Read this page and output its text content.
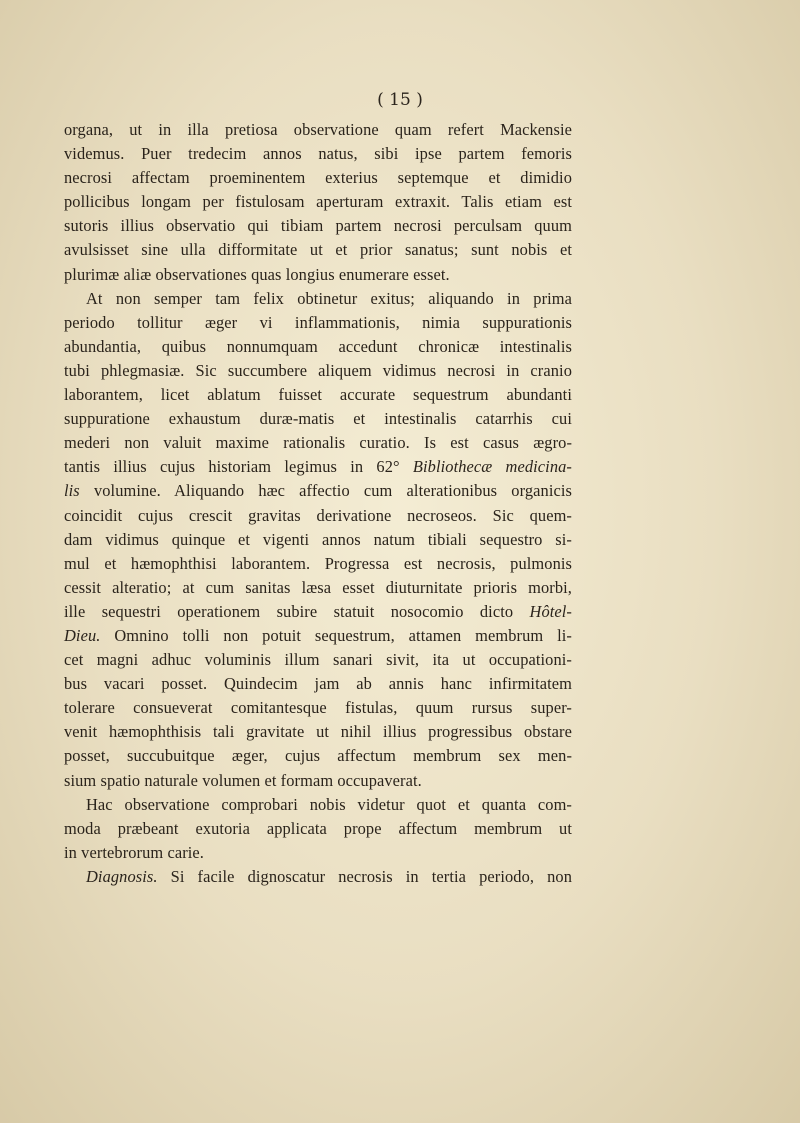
( 15 )
organa, ut in illa pretiosa observatione quam refert Mackensie
videmus. Puer tredecim annos natus, sibi ipse partem femoris
necrosi affectam proeminentem exterius septemque et dimidio
pollicibus longam per fistulosam aperturam extraxit. Talis etiam est
sutoris illius observatio qui tibiam partem necrosi perculsam quum
avulsisset sine ulla difformitate ut et prior sanatus; sunt nobis et
plurimæ aliæ observationes quas longius enumerare esset.
At non semper tam felix obtinetur exitus; aliquando in prima
periodo tollitur æger vi inflammationis, nimia suppurationis
abundantia, quibus nonnumquam accedunt chronicæ intestinalis
tubi phlegmasiæ. Sic succumbere aliquem vidimus necrosi in cranio
laborantem, licet ablatum fuisset accurate sequestrum abundanti
suppuratione exhaustum duræ-matis et intestinalis catarrhis cui
mederi non valuit maxime rationalis curatio. Is est casus ægro-
tantis illius cujus historiam legimus in 62° Bibliothecæ medicina-
lis volumine. Aliquando hæc affectio cum alterationibus organicis
coincidit cujus crescit gravitas derivatione necroseos. Sic quem-
dam vidimus quinque et vigenti annos natum tibiali sequestro si-
mul et hæmophthisi laborantem. Progressa est necrosis, pulmonis
cessit alteratio; at cum sanitas læsa esset diuturnitate prioris morbi,
ille sequestri operationem subire statuit nosocomio dicto Hôtel-
Dieu. Omnino tolli non potuit sequestrum, attamen membrum li-
cet magni adhuc voluminis illum sanari sivit, ita ut occupationi-
bus vacari posset. Quindecim jam ab annis hanc infirmitatem
tolerare consueverat comitantesque fistulas, quum rursus super-
venit hæmophthisis tali gravitate ut nihil illius progressibus obstare
posset, succubuitque æger, cujus affectum membrum sex men-
sium spatio naturale volumen et formam occupaverat.
Hac observatione comprobari nobis videtur quot et quanta com-
moda præbeant exutoria applicata prope affectum membrum ut
in vertebrorum carie.
Diagnosis. Si facile dignoscatur necrosis in tertia periodo, non
